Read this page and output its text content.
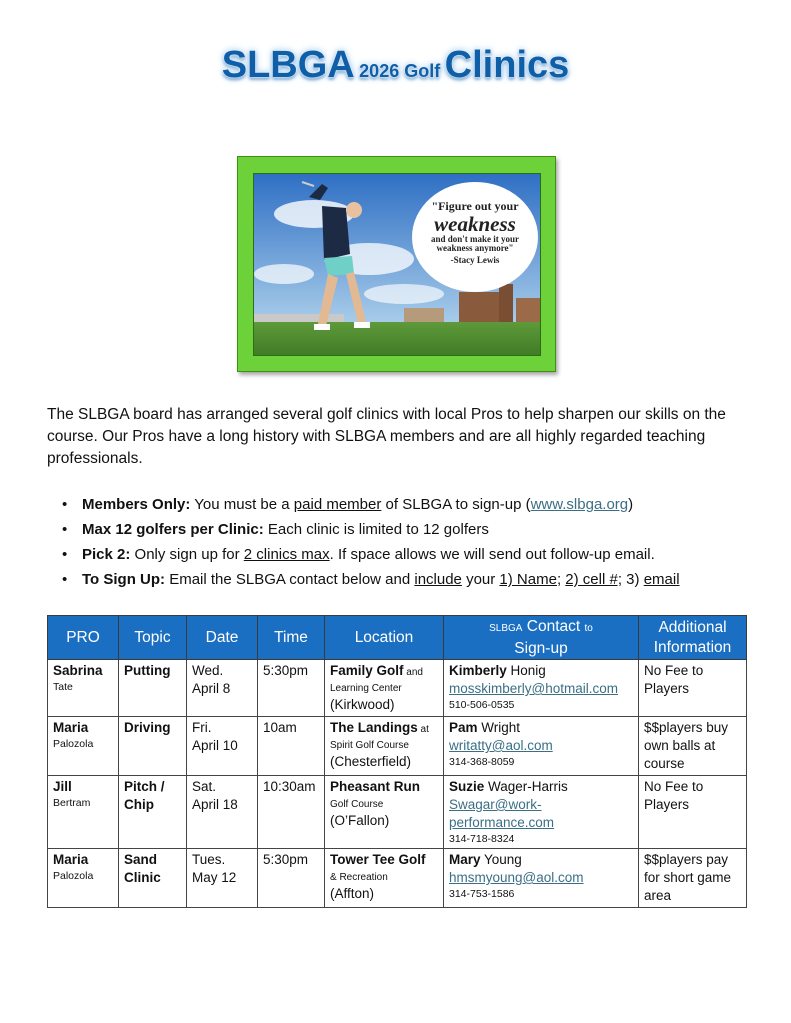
SLBGA 2026 Golf Clinics
"Figure out your
weakness
and don't make it your
weakness anymore"
-Stacy Lewis

The SLBGA board has arranged several golf clinics with local Pros to help sharpen our skills on the course. Our Pros have a long history with SLBGA members and are all highly regarded teaching professionals.

• Members Only: You must be a paid member of SLBGA to sign-up (www.slbga.org)
• Max 12 golfers per Clinic: Each clinic is limited to 12 golfers
• Pick 2: Only sign up for 2 clinics max. If space allows we will send out follow-up email.
• To Sign Up: Email the SLBGA contact below and include your 1) Name; 2) cell #; 3) email
PRO	Topic	Date	Time	Location	SLBGA Contact to
Sign-up	Additional
Information
Sabrina
Tate	Putting	Wed.
April 8	5:30pm	Family Golf and
Learning Center
(Kirkwood)	Kimberly Honig
mosskimberly@hotmail.com
510-506-0535	No Fee to Players
Maria
Palozola	Driving	Fri.
April 10	10am	The Landings at
Spirit Golf Course
(Chesterfield)	Pam Wright
writatty@aol.com
314-368-8059	$$players buy own balls at course
Jill
Bertram	Pitch / Chip	Sat.
April 18	10:30am	Pheasant Run
Golf Course
(O’Fallon)	Suzie Wager-Harris
Swagar@work-performance.com
314-718-8324	No Fee to Players
Maria
Palozola	Sand Clinic	Tues.
May 12	5:30pm	Tower Tee Golf
& Recreation
(Affton)	Mary Young
hmsmyoung@aol.com
314-753-1586	$$players pay for short game area
